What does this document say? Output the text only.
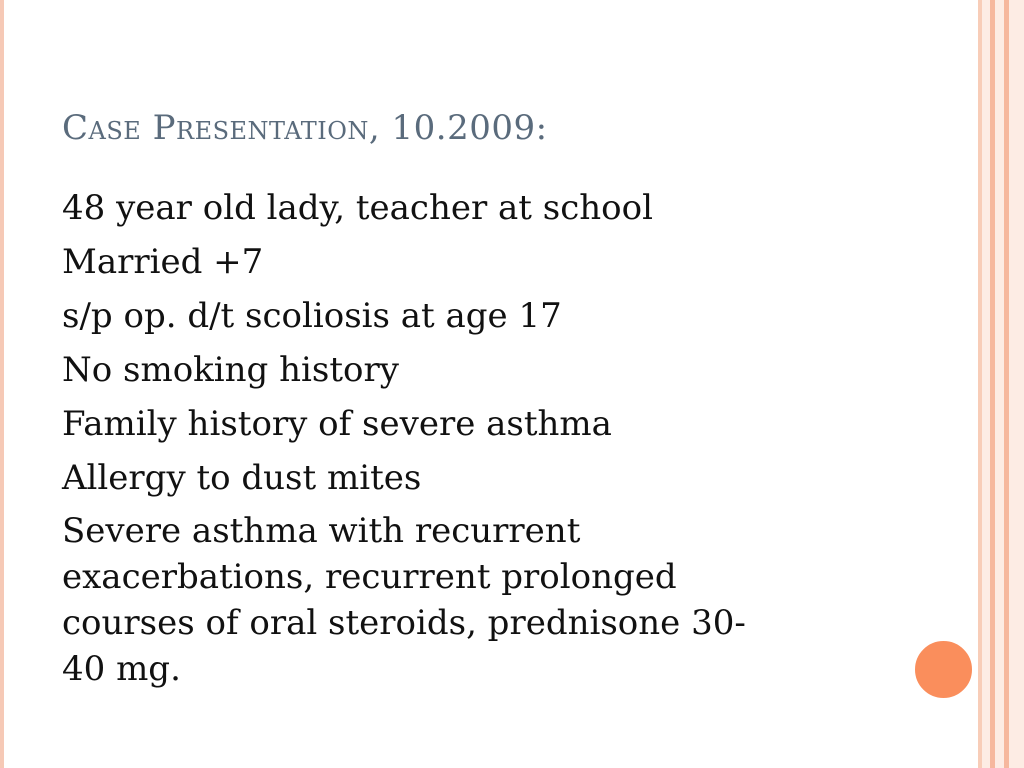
Case Presentation, 10.2009:
48 year old lady, teacher at school
Married +7
s/p op. d/t scoliosis at age 17
No smoking history
Family history of severe asthma
Allergy to dust mites
Severe asthma with recurrent
exacerbations, recurrent prolonged
courses of oral steroids, prednisone 30-
40 mg.
